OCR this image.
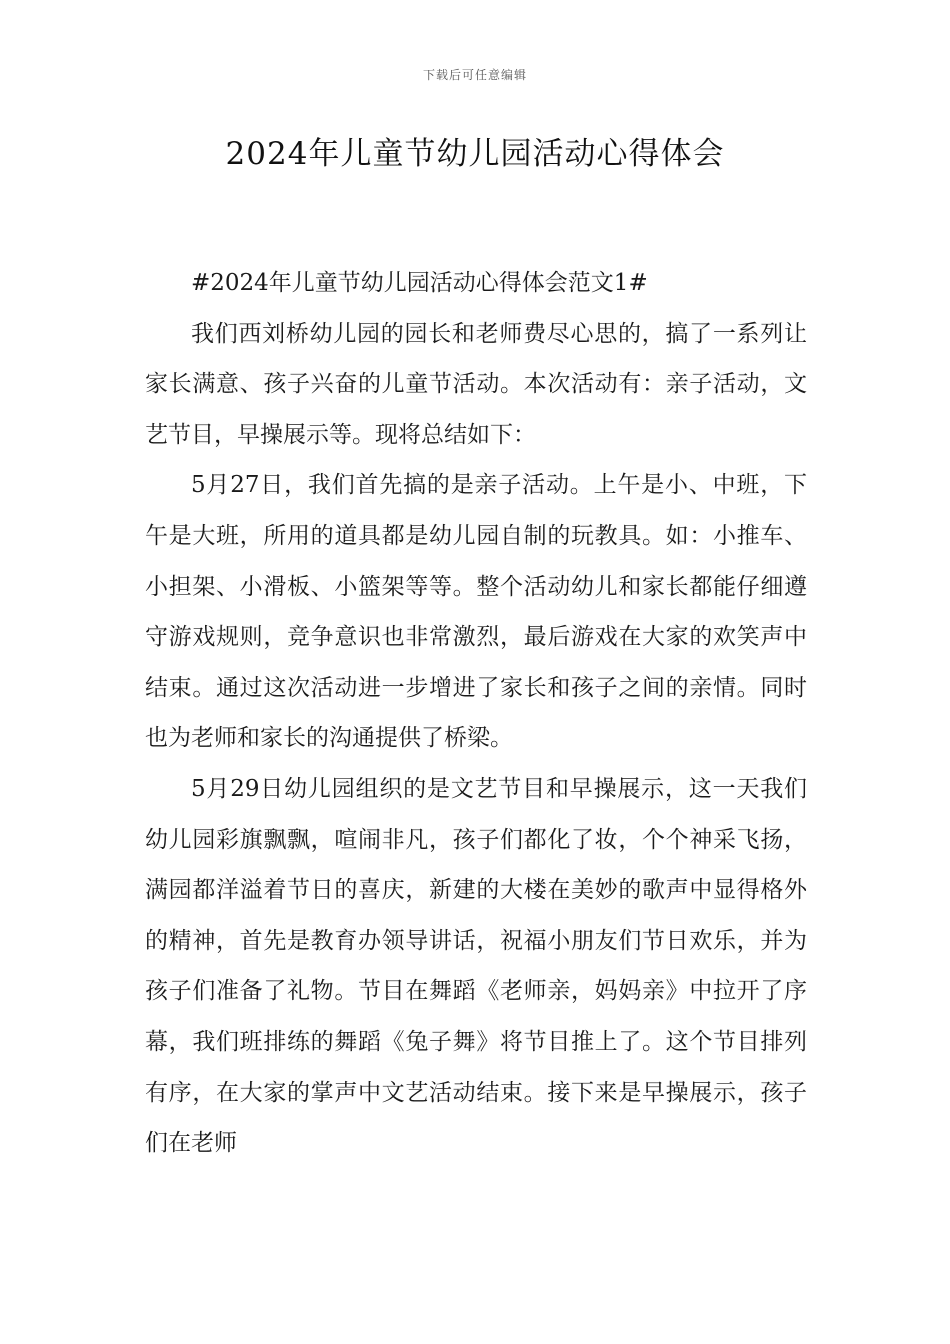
下载后可任意编辑
2024年儿童节幼儿园活动心得体会

#2024年儿童节幼儿园活动心得体会范文1#

我们西刘桥幼儿园的园长和老师费尽心思的，搞了一系列让家长满意、孩子兴奋的儿童节活动。本次活动有：亲子活动，文艺节目，早操展示等。现将总结如下：

5月27日，我们首先搞的是亲子活动。上午是小、中班，下午是大班，所用的道具都是幼儿园自制的玩教具。如：小推车、小担架、小滑板、小篮架等等。整个活动幼儿和家长都能仔细遵守游戏规则，竞争意识也非常激烈，最后游戏在大家的欢笑声中结束。通过这次活动进一步增进了家长和孩子之间的亲情。同时也为老师和家长的沟通提供了桥梁。

5月29日幼儿园组织的是文艺节目和早操展示，这一天我们幼儿园彩旗飘飘，喧闹非凡，孩子们都化了妆，个个神采飞扬，满园都洋溢着节日的喜庆，新建的大楼在美妙的歌声中显得格外的精神，首先是教育办领导讲话，祝福小朋友们节日欢乐，并为孩子们准备了礼物。节目在舞蹈《老师亲，妈妈亲》中拉开了序幕，我们班排练的舞蹈《兔子舞》将节目推上了。这个节目排列有序，在大家的掌声中文艺活动结束。接下来是早操展示，孩子们在老师
